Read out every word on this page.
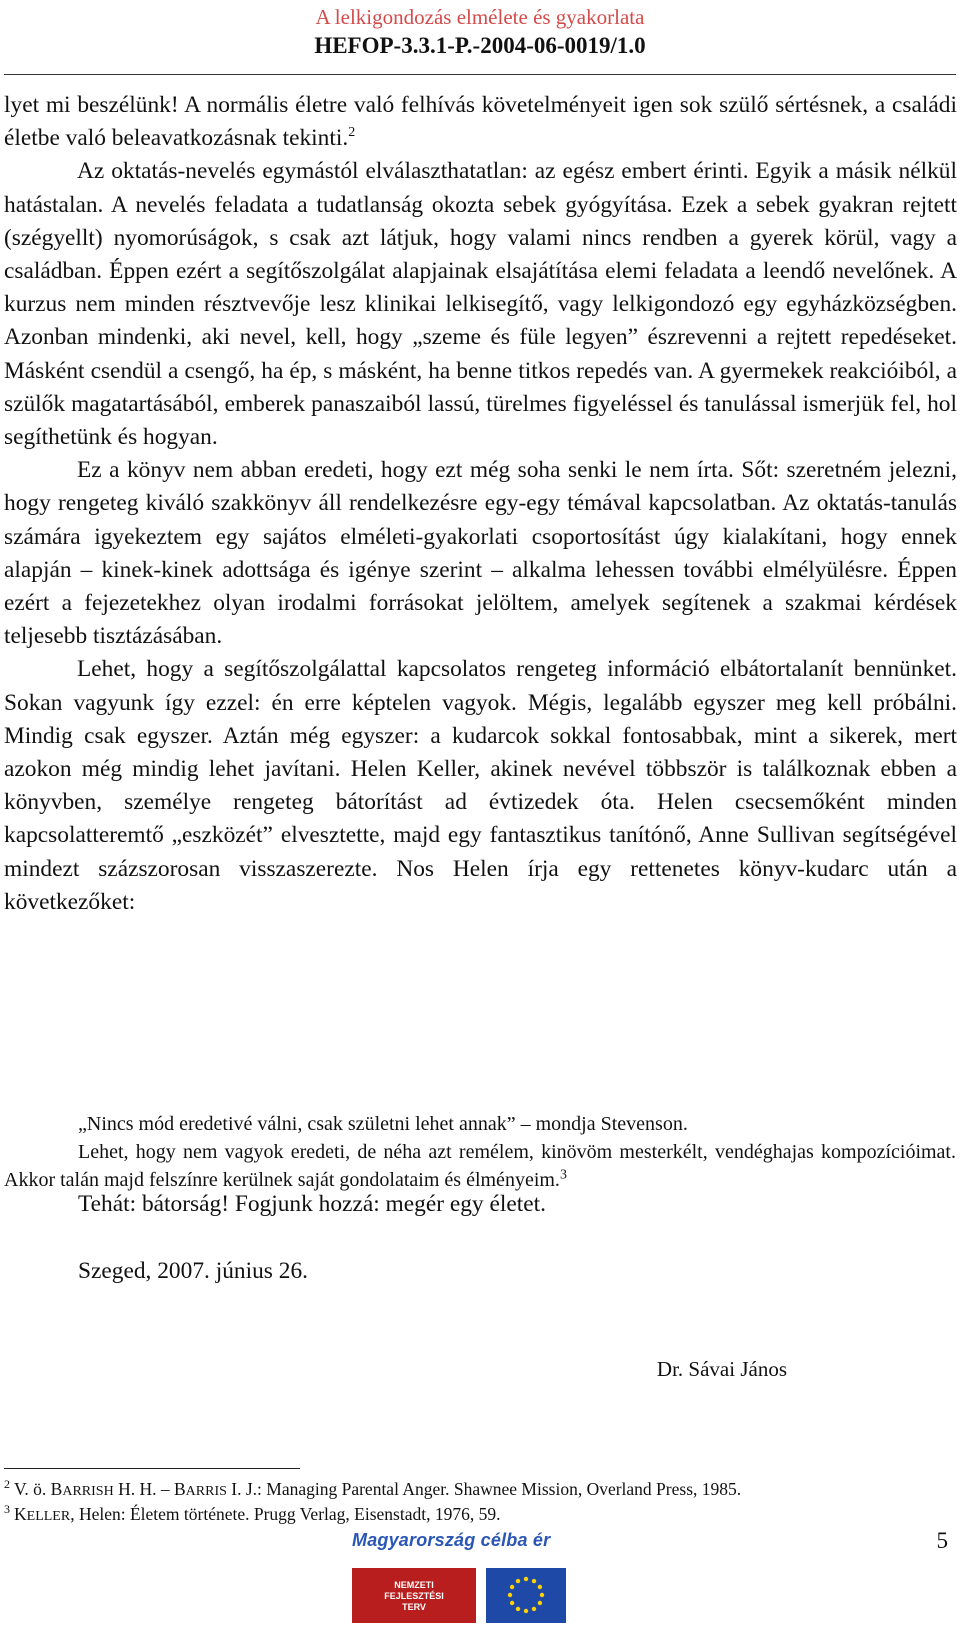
A lelkigondozás elmélete és gyakorlata
HEFOP-3.3.1-P.-2004-06-0019/1.0

lyet mi beszélünk! A normális életre való felhívás követelményeit igen sok szülő sértésnek, a családi életbe való beleavatkozásnak tekinti.$^2$

Az oktatás-nevelés egymástól elválaszthatatlan: az egész embert érinti. Egyik a másik nélkül hatástalan. A nevelés feladata a tudatlanság okozta sebek gyógyítása. Ezek a sebek gyakran rejtett (szégyellt) nyomorúságok, s csak azt látjuk, hogy valami nincs rendben a gyerek körül, vagy a családban. Éppen ezért a segítőszolgálat alapjainak elsajátítása elemi feladata a leendő nevelőnek. A kurzus nem minden résztvevője lesz klinikai lelkisegítő, vagy lelkigondozó egy egyházközségben. Azonban mindenki, aki nevel, kell, hogy „szeme és füle legyen” észrevenni a rejtett repedéseket. Másként csendül a csengő, ha ép, s másként, ha benne titkos repedés van. A gyermekek reakcióiból, a szülők magatartásából, emberek panaszaiból lassú, türelmes figyeléssel és tanulással ismerjük fel, hol segíthetünk és hogyan.

Ez a könyv nem abban eredeti, hogy ezt még soha senki le nem írta. Sőt: szeretném jelezni, hogy rengeteg kiváló szakkönyv áll rendelkezésre egy-egy témával kapcsolatban. Az oktatás-tanulás számára igyekeztem egy sajátos elméleti-gyakorlati csoportosítást úgy kialakítani, hogy ennek alapján – kinek-kinek adottsága és igénye szerint – alkalma lehessen további elmélyülésre. Éppen ezért a fejezetekhez olyan irodalmi forrásokat jelöltem, amelyek segítenek a szakmai kérdések teljesebb tisztázásában.

Lehet, hogy a segítőszolgálattal kapcsolatos rengeteg információ elbátortalanít bennünket. Sokan vagyunk így ezzel: én erre képtelen vagyok. Mégis, legalább egyszer meg kell próbálni. Mindig csak egyszer. Aztán még egyszer: a kudarcok sokkal fontosabbak, mint a sikerek, mert azokon még mindig lehet javítani. Helen Keller, akinek nevével többször is találkoznak ebben a könyvben, személye rengeteg bátorítást ad évtizedek óta. Helen csecsemőként minden kapcsolatteremtő „eszközét” elvesztette, majd egy fantasztikus tanítónő, Anne Sullivan segítségével mindezt százszorosan visszaszerezte. Nos Helen írja egy rettenetes könyv-kudarc után a következőket:

„Nincs mód eredetivé válni, csak születni lehet annak” – mondja Stevenson.

Lehet, hogy nem vagyok eredeti, de néha azt remélem, kinövöm mesterkélt, vendéghajas kompozícióimat. Akkor talán majd felszínre kerülnek saját gondolataim és élményeim.$^3$

Tehát: bátorság! Fogjunk hozzá: megér egy életet.
Szeged, 2007. június 26.
Dr. Sávai János
$^2$ V. ö. BARRISH H. H. – BARRIS I. J.: Managing Parental Anger. Shawnee Mission, Overland Press, 1985.
$^3$ KELLER, Helen: Életem története. Prugg Verlag, Eisenstadt, 1976, 59.
Magyarország célba ér	5
NEMZETI
FEJLESZTÉSI
TERV
